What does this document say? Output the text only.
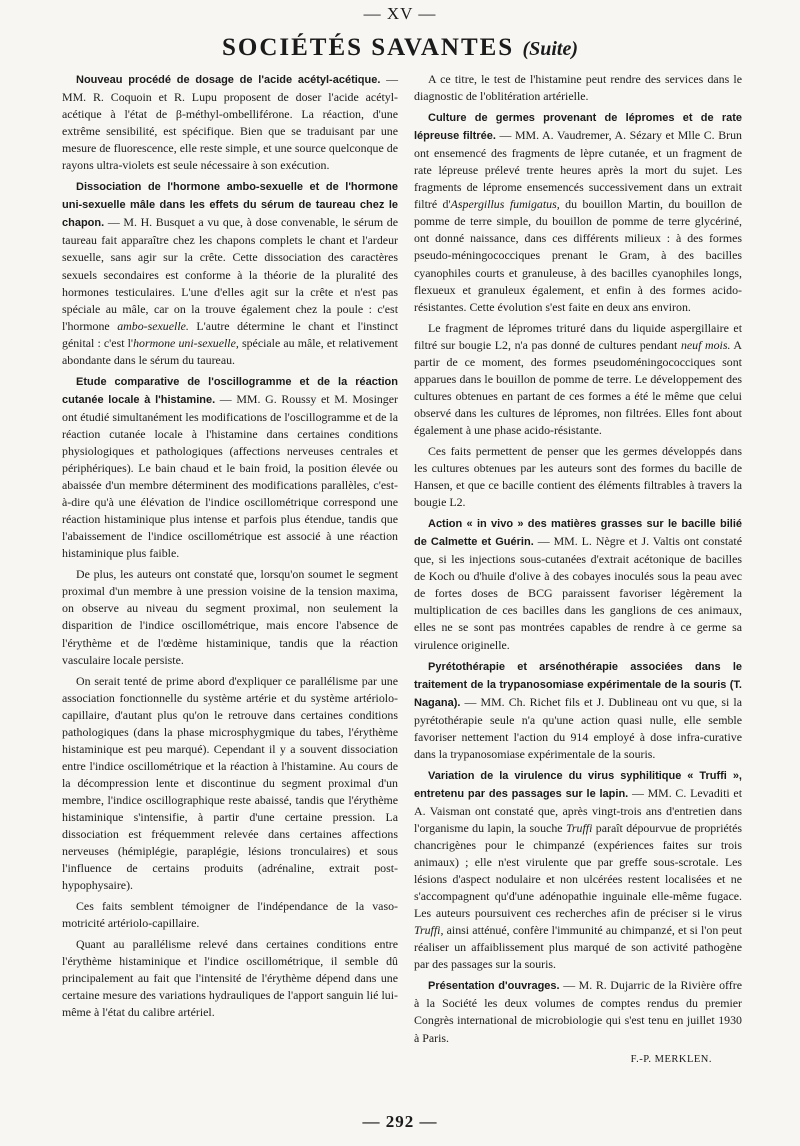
— XV —
SOCIÉTÉS SAVANTES (Suite)

Nouveau procédé de dosage de l'acide acétyl-acétique. — MM. R. Coquoin et R. Lupu proposent de doser l'acide acétyl-acétique à l'état de β-méthyl-ombelliférone. La réaction, d'une extrême sensibilité, est spécifique. Bien que se traduisant par une mesure de fluorescence, elle reste simple, et une source quelconque de rayons ultra-violets est seule nécessaire à son exécution.

Dissociation de l'hormone ambo-sexuelle et de l'hormone uni-sexuelle mâle dans les effets du sérum de taureau chez le chapon. — M. H. Busquet a vu que, à dose convenable, le sérum de taureau fait apparaître chez les chapons complets le chant et l'ardeur sexuelle, sans agir sur la crête. Cette dissociation des caractères sexuels secondaires est conforme à la théorie de la pluralité des hormones testiculaires. L'une d'elles agit sur la crête et n'est pas spéciale au mâle, car on la trouve également chez la poule : c'est l'hormone ambo-sexuelle. L'autre détermine le chant et l'instinct génital : c'est l'hormone uni-sexuelle, spéciale au mâle, et relativement abondante dans le sérum du taureau.

Etude comparative de l'oscillogramme et de la réaction cutanée locale à l'histamine. — MM. G. Roussy et M. Mosinger ont étudié simultanément les modifications de l'oscillogramme et de la réaction cutanée locale à l'histamine dans certaines conditions physiologiques et pathologiques (affections nerveuses centrales et périphériques). Le bain chaud et le bain froid, la position élevée ou abaissée d'un membre déterminent des modifications parallèles, c'est-à-dire qu'à une élévation de l'indice oscillométrique correspond une réaction histaminique plus intense et parfois plus étendue, tandis que l'abaissement de l'indice oscillométrique est associé à une réaction histaminique plus faible.

De plus, les auteurs ont constaté que, lorsqu'on soumet le segment proximal d'un membre à une pression voisine de la tension maxima, on observe au niveau du segment proximal, non seulement la disparition de l'indice oscillométrique, mais encore l'absence de l'érythème et de l'œdème histaminique, tandis que la réaction vasculaire locale persiste.

On serait tenté de prime abord d'expliquer ce parallélisme par une association fonctionnelle du système artérie et du système artériolo-capillaire, d'autant plus qu'on le retrouve dans certaines conditions pathologiques (dans la phase microsphygmique du tabes, l'érythème histaminique est peu marqué). Cependant il y a souvent dissociation entre l'indice oscillométrique et la réaction à l'histamine. Au cours de la décompression lente et discontinue du segment proximal d'un membre, l'indice oscillographique reste abaissé, tandis que l'érythème histaminique s'intensifie, à partir d'une certaine pression. La dissociation est fréquemment relevée dans certaines affections nerveuses (hémiplégie, paraplégie, lésions tronculaires) et sous l'influence de certains produits (adrénaline, extrait post-hypophysaire).

Ces faits semblent témoigner de l'indépendance de la vaso-motricité artériolo-capillaire.

Quant au parallélisme relevé dans certaines conditions entre l'érythème histaminique et l'indice oscillométrique, il semble dû principalement au fait que l'intensité de l'érythème dépend dans une certaine mesure des variations hydrauliques de l'apport sanguin lié lui-même à l'état du calibre artériel.

A ce titre, le test de l'histamine peut rendre des services dans le diagnostic de l'oblitération artérielle.

Culture de germes provenant de lépromes et de rate lépreuse filtrée. — MM. A. Vaudremer, A. Sézary et Mlle C. Brun ont ensemencé des fragments de lèpre cutanée, et un fragment de rate lépreuse prélevé trente heures après la mort du sujet. Les fragments de léprome ensemencés successivement dans un extrait filtré d'Aspergillus fumigatus, du bouillon Martin, du bouillon de pomme de terre simple, du bouillon de pomme de terre glycériné, ont donné naissance, dans ces différents milieux : à des formes pseudo-méningococciques prenant le Gram, à des bacilles cyanophiles courts et granuleuse, à des bacilles cyanophiles longs, flexueux et granuleux également, et enfin à des formes acido-résistantes. Cette évolution s'est faite en deux ans environ.

Le fragment de lépromes trituré dans du liquide aspergillaire et filtré sur bougie L2, n'a pas donné de cultures pendant neuf mois. A partir de ce moment, des formes pseudoméningococciques sont apparues dans le bouillon de pomme de terre. Le développement des cultures obtenues en partant de ces formes a été le même que celui observé dans les cultures de lépromes, non filtrées. Elles font about également à une phase acido-résistante.

Ces faits permettent de penser que les germes développés dans les cultures obtenues par les auteurs sont des formes du bacille de Hansen, et que ce bacille contient des éléments filtrables à travers la bougie L2.

Action « in vivo » des matières grasses sur le bacille bilié de Calmette et Guérin. — MM. L. Nègre et J. Valtis ont constaté que, si les injections sous-cutanées d'extrait acétonique de bacilles de Koch ou d'huile d'olive à des cobayes inoculés sous la peau avec de fortes doses de BCG paraissent favoriser légèrement la multiplication de ces bacilles dans les ganglions de ces animaux, elles ne se sont pas montrées capables de rendre à ce germe sa virulence originelle.

Pyrétothérapie et arsénothérapie associées dans le traitement de la trypanosomiase expérimentale de la souris (T. Nagana). — MM. Ch. Richet fils et J. Dublineau ont vu que, si la pyrétothérapie seule n'a qu'une action quasi nulle, elle semble favoriser nettement l'action du 914 employé à dose infra-curative dans la trypanosomiase expérimentale de la souris.

Variation de la virulence du virus syphilitique « Truffi », entretenu par des passages sur le lapin. — MM. C. Levaditi et A. Vaisman ont constaté que, après vingt-trois ans d'entretien dans l'organisme du lapin, la souche Truffi paraît dépourvue de propriétés chancrigènes pour le chimpanzé (expériences faites sur trois animaux) ; elle n'est virulente que par greffe sous-scrotale. Les lésions d'aspect nodulaire et non ulcérées restent localisées et ne s'accompagnent qu'd'une adénopathie inguinale elle-même fugace. Les auteurs poursuivent ces recherches afin de préciser si le virus Truffi, ainsi atténué, confère l'immunité au chimpanzé, et si l'on peut réaliser un affaiblissement plus marqué de son activité pathogène par des passages sur la souris.

Présentation d'ouvrages. — M. R. Dujarric de la Rivière offre à la Société les deux volumes de comptes rendus du premier Congrès international de microbiologie qui s'est tenu en juillet 1930 à Paris.

F.-P. MERKLEN.
— 292 —
